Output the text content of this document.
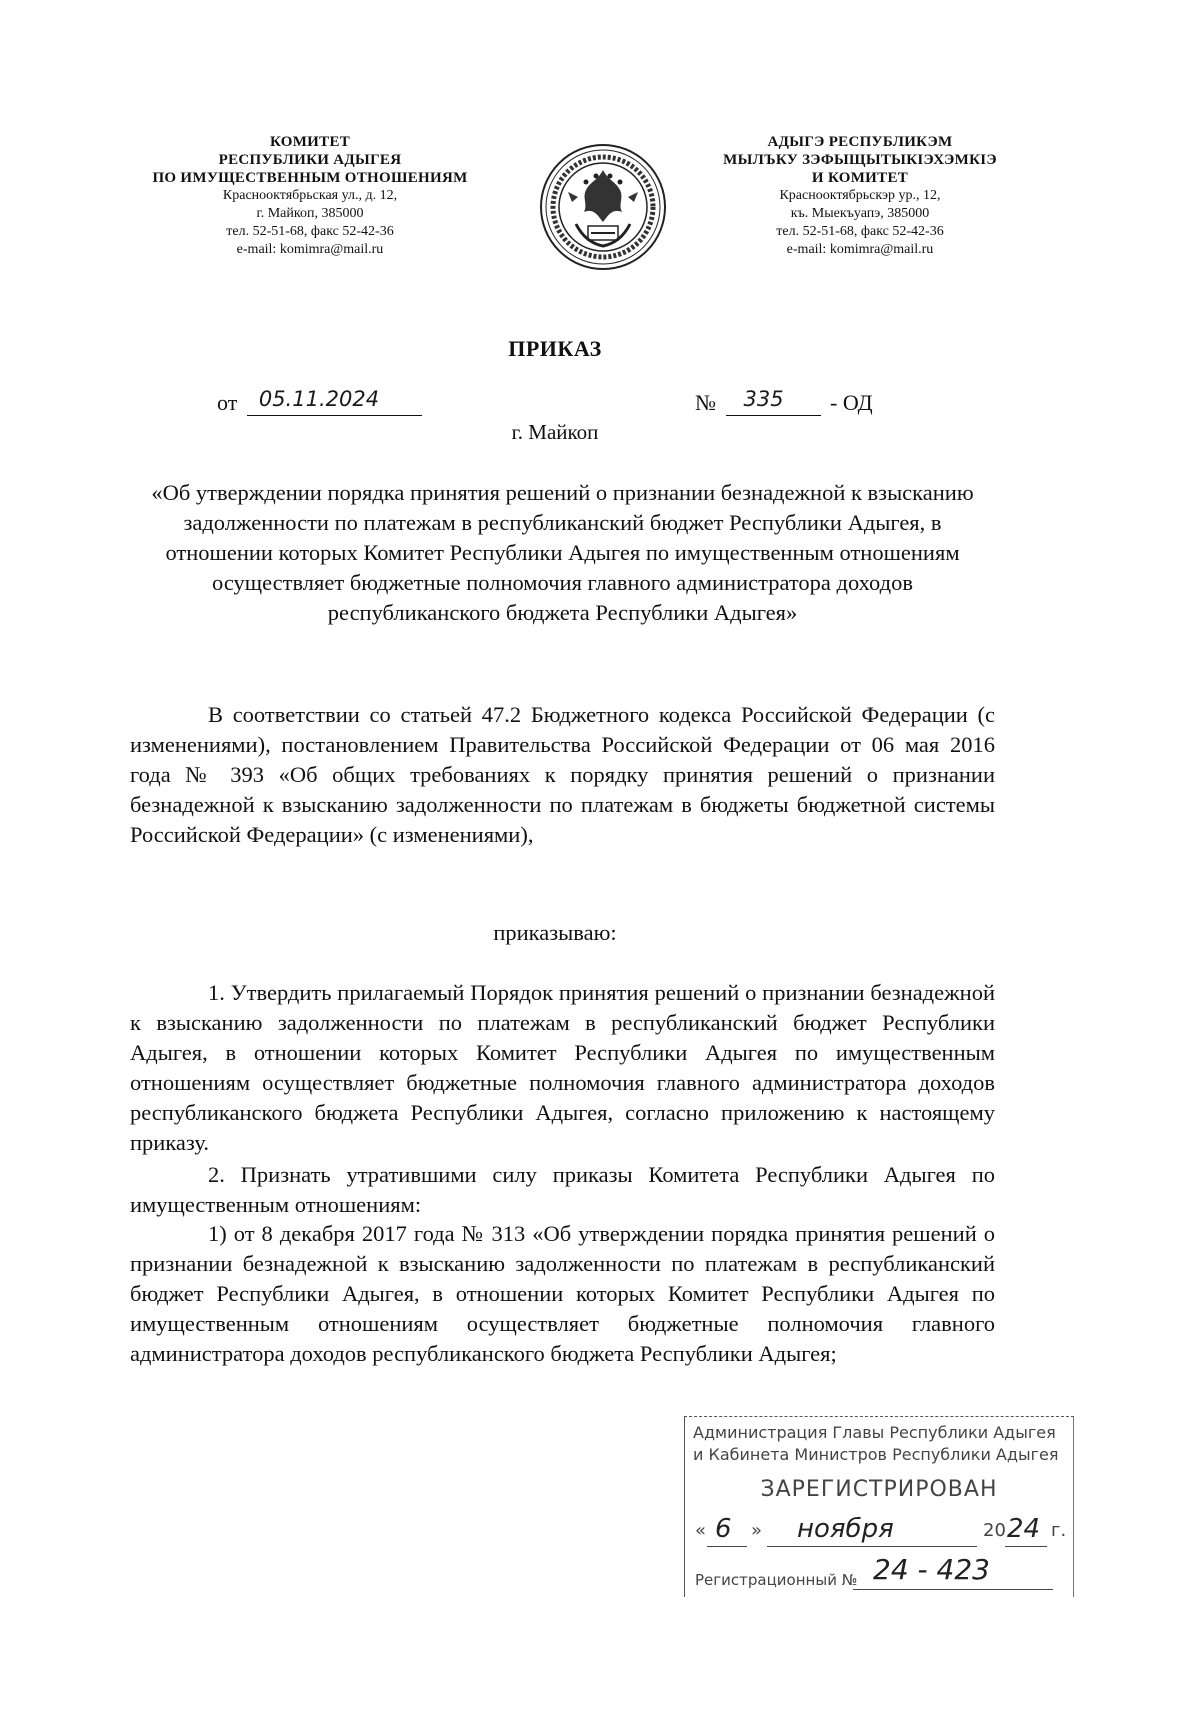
КОМИТЕТ
РЕСПУБЛИКИ АДЫГЕЯ
ПО ИМУЩЕСТВЕННЫМ ОТНОШЕНИЯМ
Краснооктябрьская ул., д. 12,
г. Майкоп, 385000
тел. 52-51-68, факс 52-42-36
e-mail: komimra@mail.ru
АДЫГЭ РЕСПУБЛИКЭМ
МЫЛЪКУ ЗЭФЫЩЫТЫКIЭХЭМКIЭ
И КОМИТЕТ
Краснооктябрьскэр ур., 12,
къ. Мыекъуапэ, 385000
тел. 52-51-68, факс 52-42-36
e-mail: komimra@mail.ru
ПРИКАЗ
от 05.11.2024	№ 335 - ОД
г. Майкоп
«Об утверждении порядка принятия решений о признании безнадежной к взысканию задолженности по платежам в республиканский бюджет Республики Адыгея, в отношении которых Комитет Республики Адыгея по имущественным отношениям осуществляет бюджетные полномочия главного администратора доходов республиканского бюджета Республики Адыгея»
В соответствии со статьей 47.2 Бюджетного кодекса Российской Федерации (с изменениями), постановлением Правительства Российской Федерации от 06 мая 2016 года № 393 «Об общих требованиях к порядку принятия решений о признании безнадежной к взысканию задолженности по платежам в бюджеты бюджетной системы Российской Федерации» (с изменениями),
приказываю:
1. Утвердить прилагаемый Порядок принятия решений о признании безнадежной к взысканию задолженности по платежам в республиканский бюджет Республики Адыгея, в отношении которых Комитет Республики Адыгея по имущественным отношениям осуществляет бюджетные полномочия главного администратора доходов республиканского бюджета Республики Адыгея, согласно приложению к настоящему приказу.
2. Признать утратившими силу приказы Комитета Республики Адыгея по имущественным отношениям:
1) от 8 декабря 2017 года № 313 «Об утверждении порядка принятия решений о признании безнадежной к взысканию задолженности по платежам в республиканский бюджет Республики Адыгея, в отношении которых Комитет Республики Адыгея по имущественным отношениям осуществляет бюджетные полномочия главного администратора доходов республиканского бюджета Республики Адыгея;
Администрация Главы Республики Адыгея
и Кабинета Министров Республики Адыгея
ЗАРЕГИСТРИРОВАН
« 6 » ноября	20 24 г.
Регистрационный № 24 - 423
